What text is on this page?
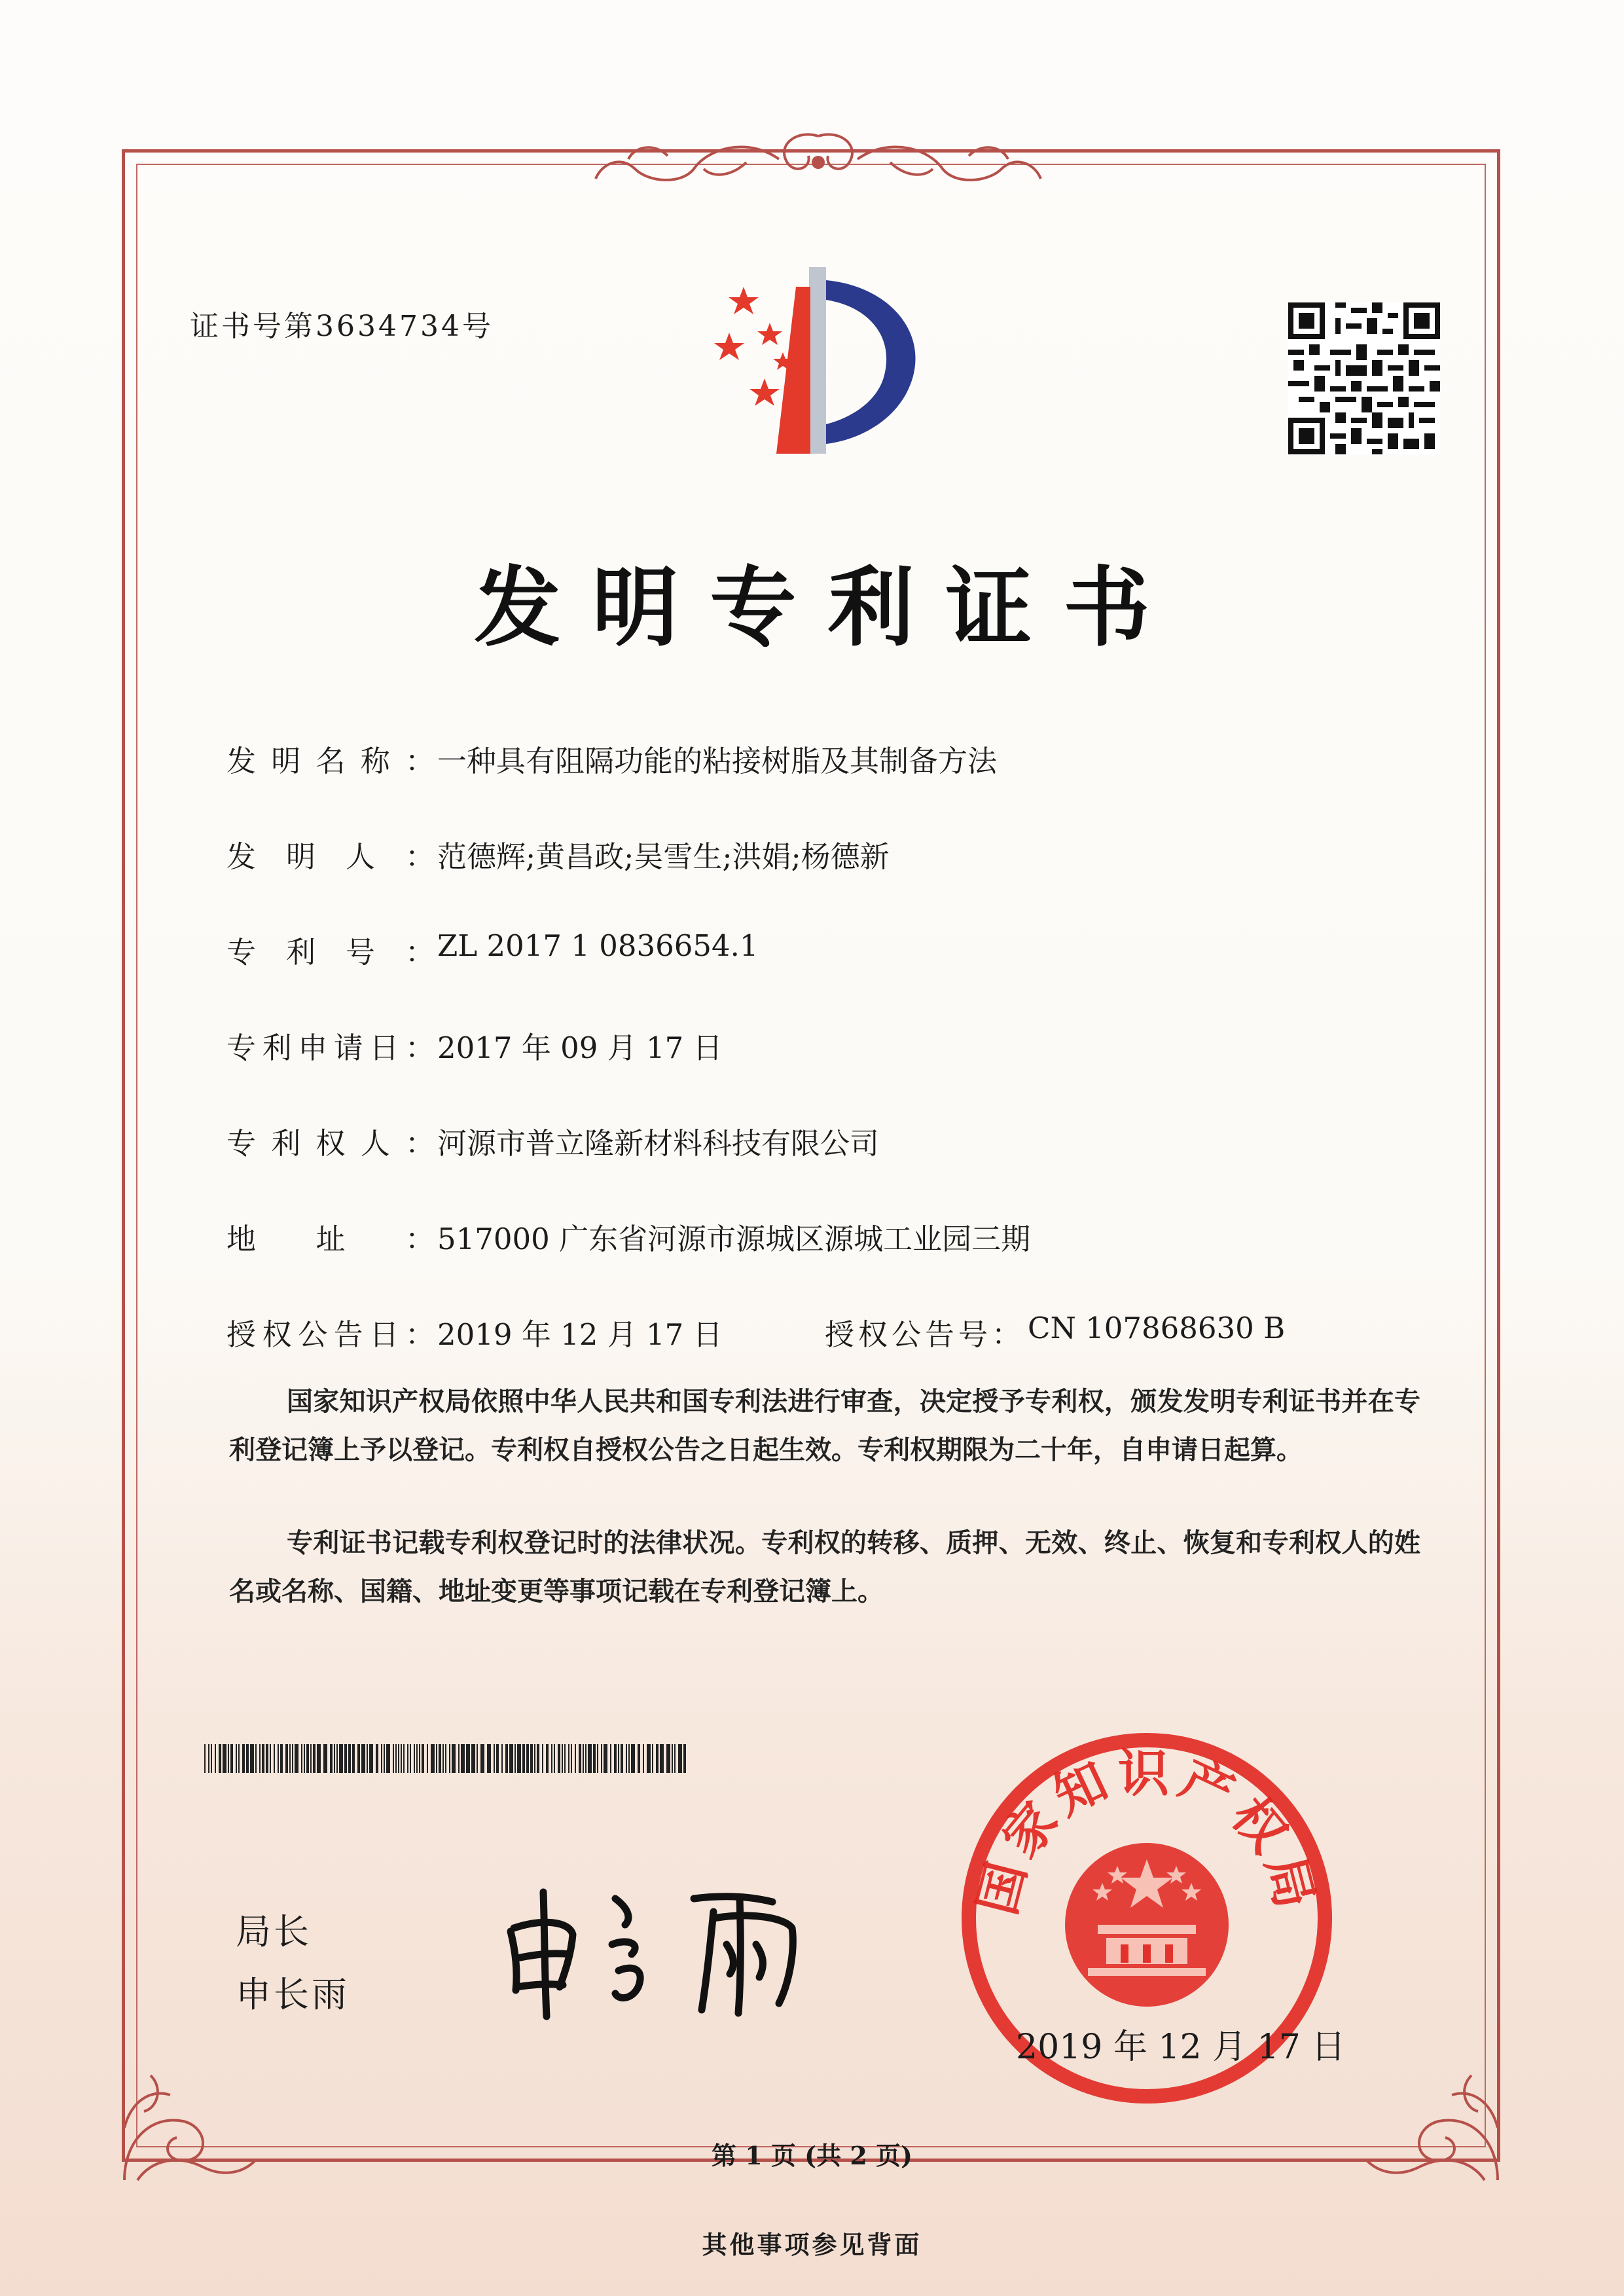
证书号第3634734号
发明专利证书
发明名称： 一种具有阻隔功能的粘接树脂及其制备方法
发明人： 范德辉;黄昌政;吴雪生;洪娟;杨德新
专利号： ZL 2017 1 0836654.1
专利申请日： 2017 年 09 月 17 日
专利权人： 河源市普立隆新材料科技有限公司
地址： 517000 广东省河源市源城区源城工业园三期
授权公告日： 2019 年 12 月 17 日	授权公告号： CN 107868630 B
国家知识产权局依照中华人民共和国专利法进行审查，决定授予专利权，颁发发明专利证书并在专利登记簿上予以登记。专利权自授权公告之日起生效。专利权期限为二十年，自申请日起算。
专利证书记载专利权登记时的法律状况。专利权的转移、质押、无效、终止、恢复和专利权人的姓名或名称、国籍、地址变更等事项记载在专利登记簿上。
局长
申长雨
国家知识产权局
2019 年 12 月 17 日
第 1 页 (共 2 页)
其他事项参见背面
